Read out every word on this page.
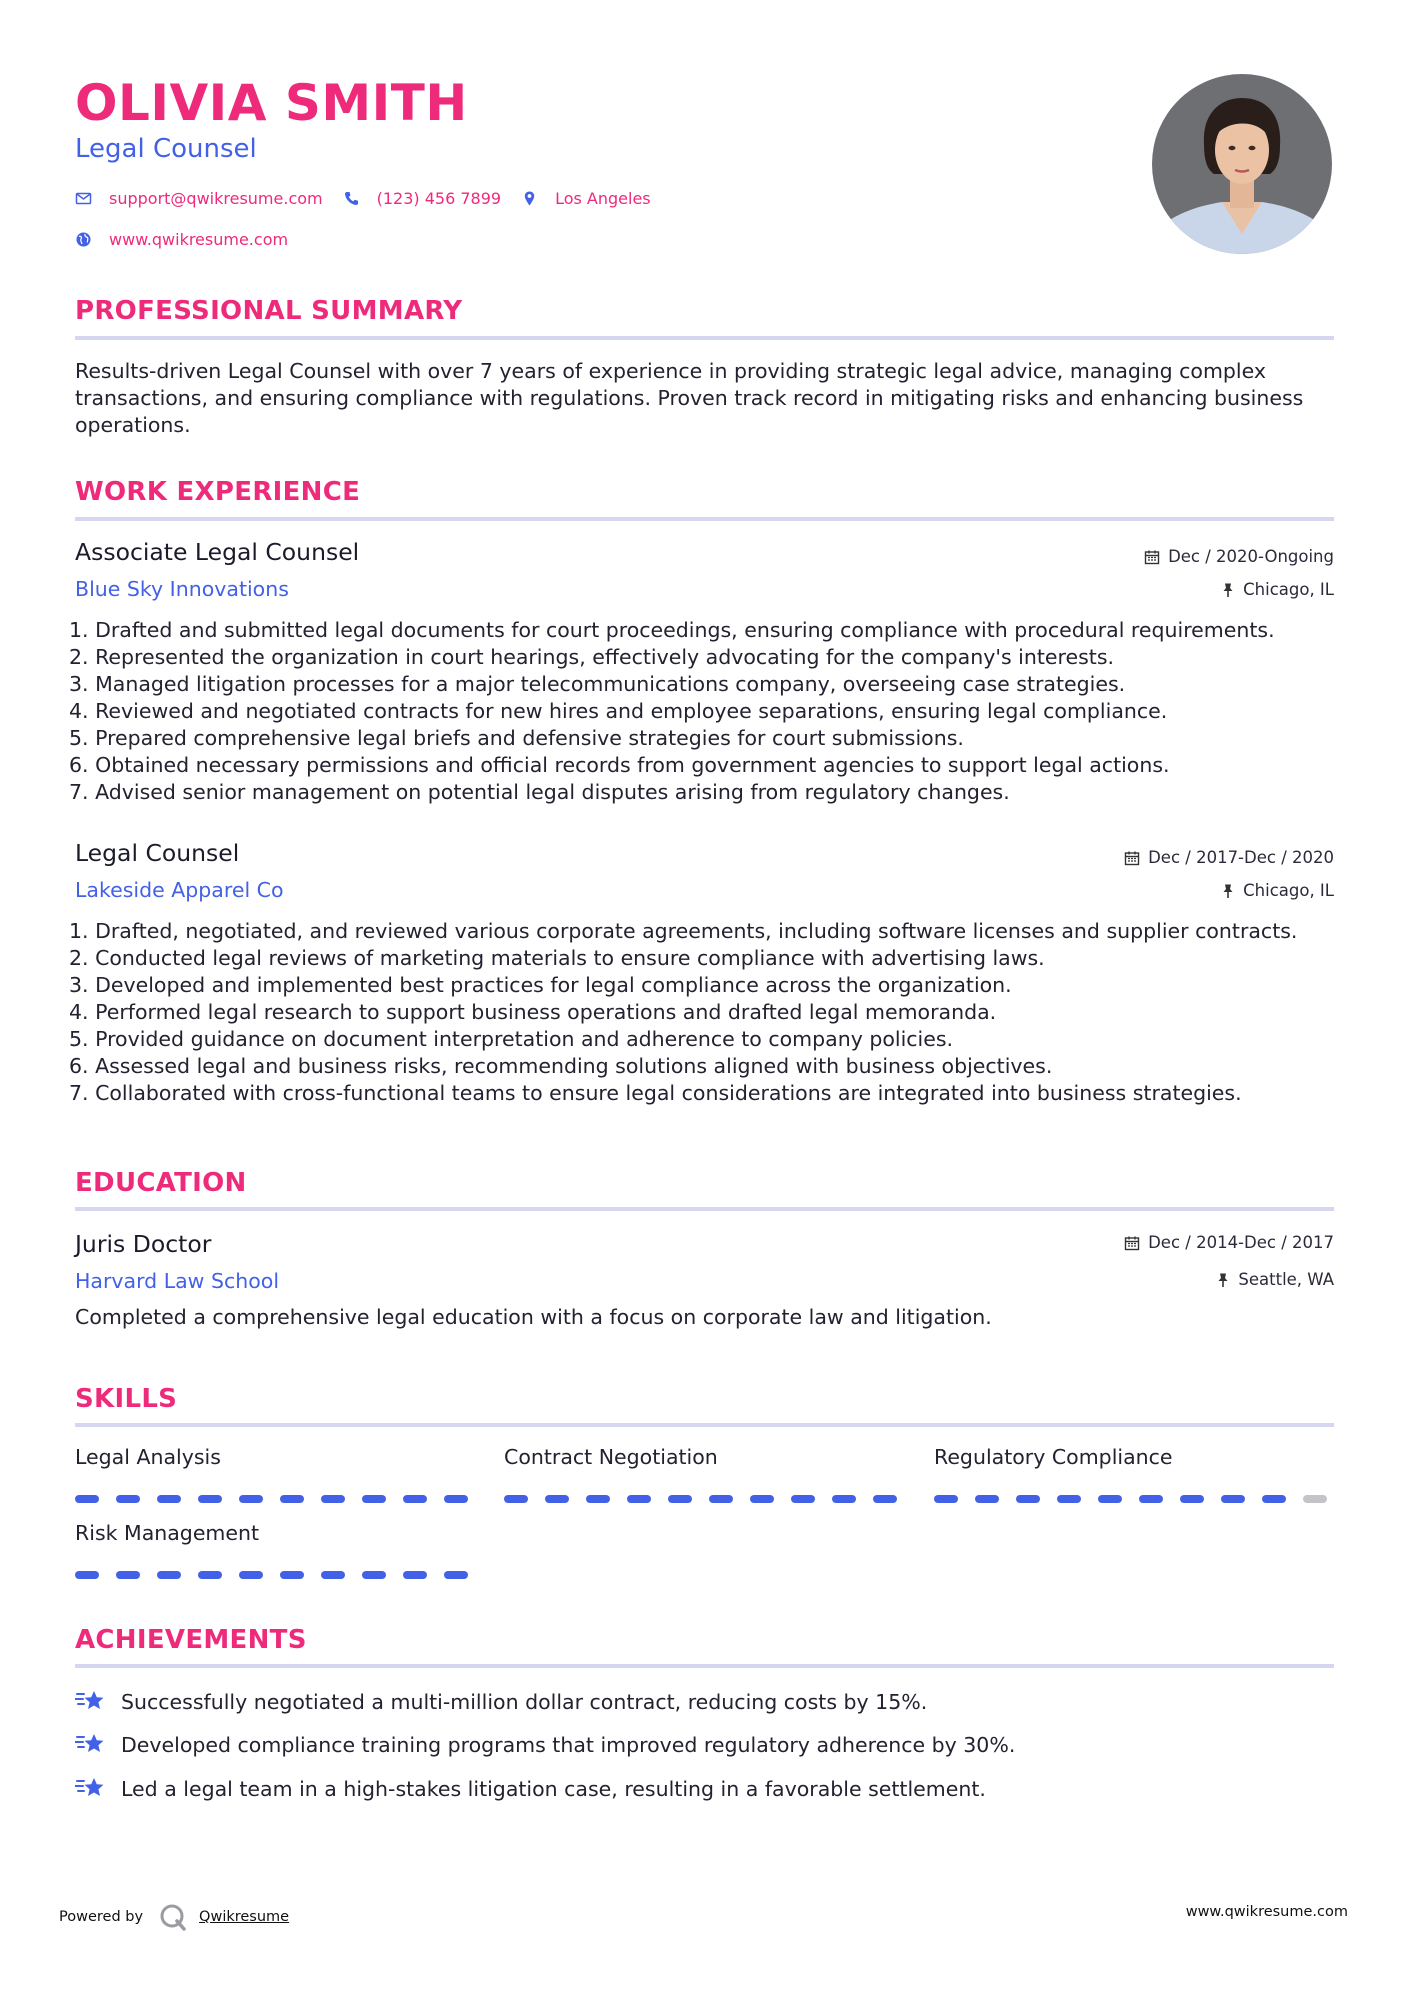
OLIVIA SMITH
Legal Counsel
support@qwikresume.com	(123) 456 7899	Los Angeles
www.qwikresume.com
PROFESSIONAL SUMMARY

Results-driven Legal Counsel with over 7 years of experience in providing strategic legal advice, managing complex transactions, and ensuring compliance with regulations. Proven track record in mitigating risks and enhancing business operations.

WORK EXPERIENCE
Associate Legal Counsel
Blue Sky Innovations
Dec / 2020-Ongoing
Chicago, IL
1. Drafted and submitted legal documents for court proceedings, ensuring compliance with procedural requirements.
2. Represented the organization in court hearings, effectively advocating for the company's interests.
3. Managed litigation processes for a major telecommunications company, overseeing case strategies.
4. Reviewed and negotiated contracts for new hires and employee separations, ensuring legal compliance.
5. Prepared comprehensive legal briefs and defensive strategies for court submissions.
6. Obtained necessary permissions and official records from government agencies to support legal actions.
7. Advised senior management on potential legal disputes arising from regulatory changes.
Legal Counsel
Lakeside Apparel Co
Dec / 2017-Dec / 2020
Chicago, IL
1. Drafted, negotiated, and reviewed various corporate agreements, including software licenses and supplier contracts.
2. Conducted legal reviews of marketing materials to ensure compliance with advertising laws.
3. Developed and implemented best practices for legal compliance across the organization.
4. Performed legal research to support business operations and drafted legal memoranda.
5. Provided guidance on document interpretation and adherence to company policies.
6. Assessed legal and business risks, recommending solutions aligned with business objectives.
7. Collaborated with cross-functional teams to ensure legal considerations are integrated into business strategies.
EDUCATION
Juris Doctor
Harvard Law School
Dec / 2014-Dec / 2017
Seattle, WA

Completed a comprehensive legal education with a focus on corporate law and litigation.

SKILLS
Legal Analysis	Contract Negotiation	Regulatory Compliance
Risk Management
ACHIEVEMENTS
Successfully negotiated a multi-million dollar contract, reducing costs by 15%.
Developed compliance training programs that improved regulatory adherence by 30%.
Led a legal team in a high-stakes litigation case, resulting in a favorable settlement.
Powered by	Qwikresume	www.qwikresume.com
